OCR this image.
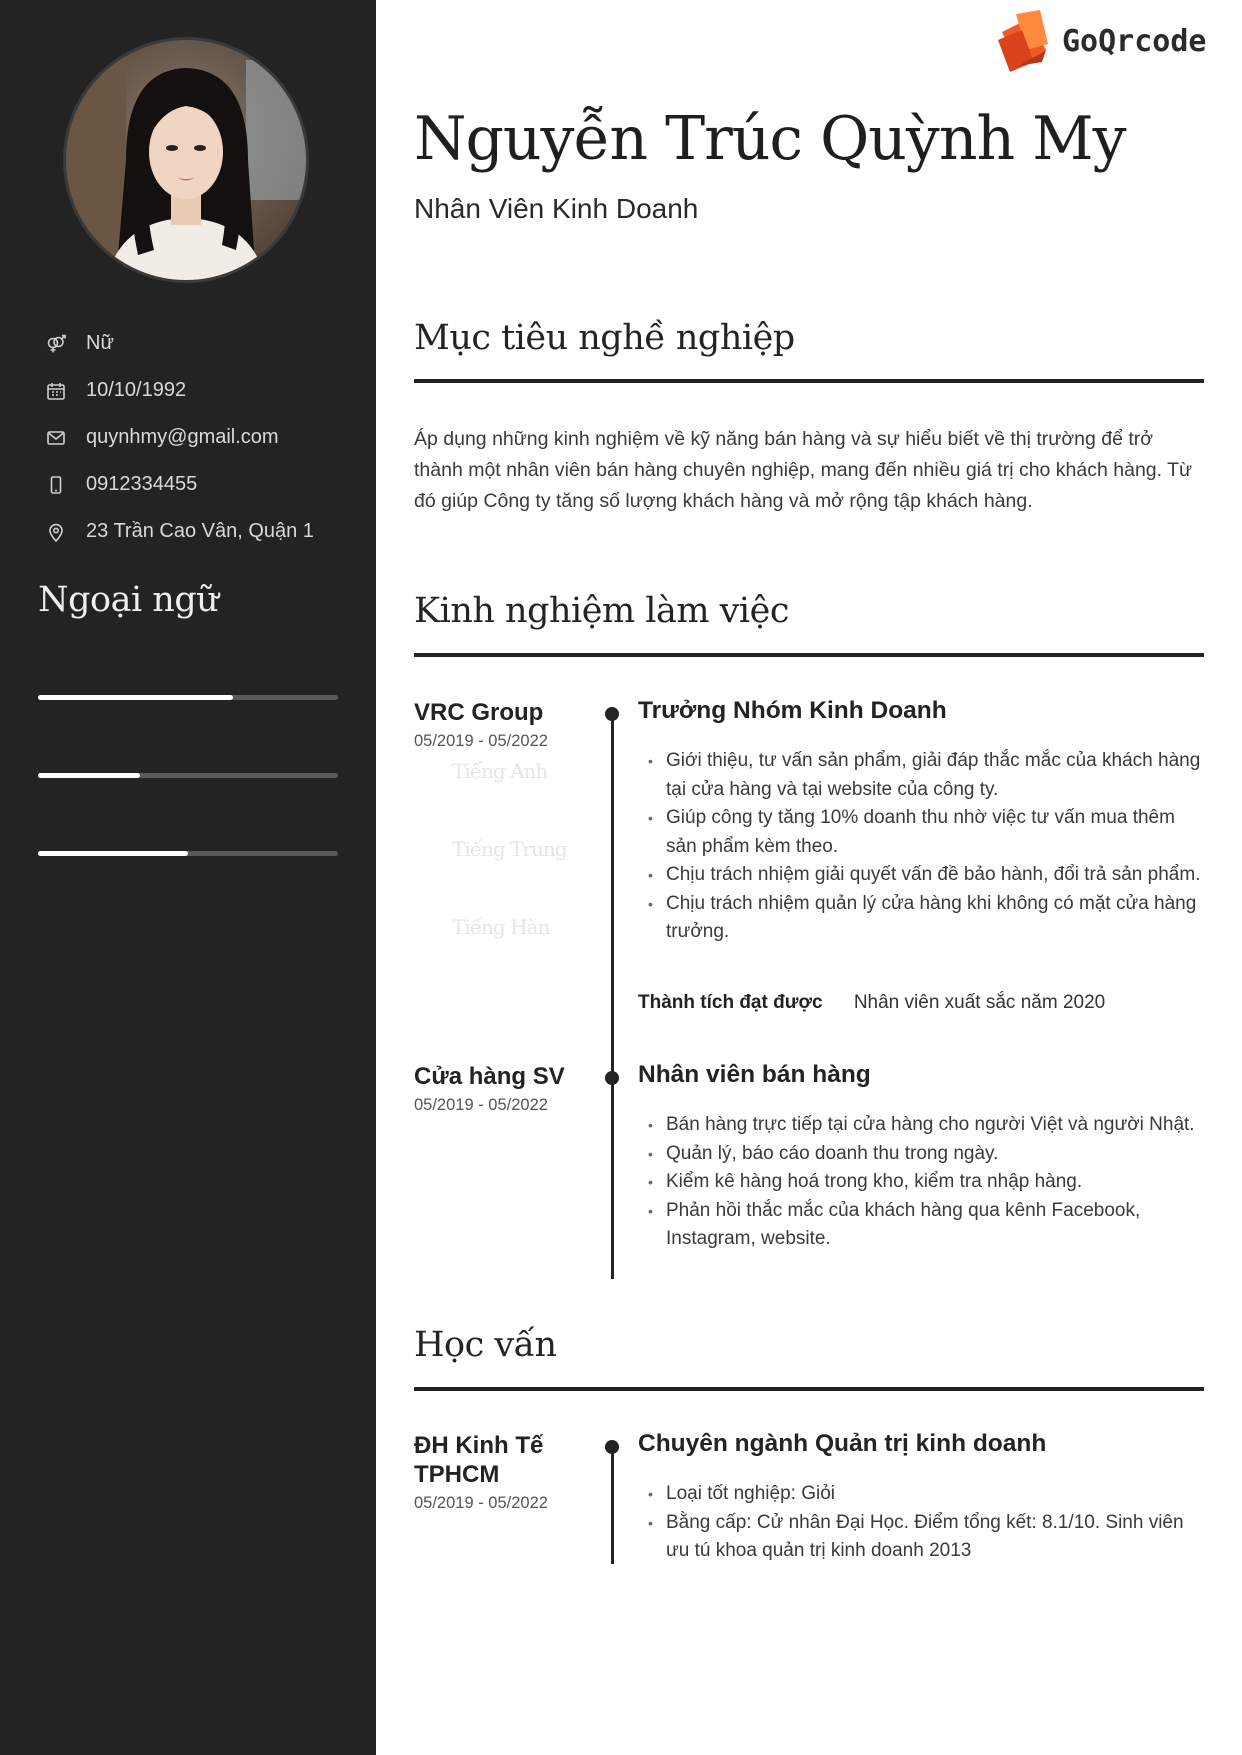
Nữ
10/10/1992
quynhmy@gmail.com
0912334455
23 Trần Cao Vân, Quận 1
Ngoại ngữ
Tiếng Anh
Tiếng Trung
Tiếng Hàn
GoQrcode
Nguyễn Trúc Quỳnh My
Nhân Viên Kinh Doanh
Mục tiêu nghề nghiệp
Áp dụng những kinh nghiệm về kỹ năng bán hàng và sự hiểu biết về thị trường để trở thành một nhân viên bán hàng chuyên nghiệp, mang đến nhiều giá trị cho khách hàng. Từ đó giúp Công ty tăng số lượng khách hàng và mở rộng tập khách hàng.
Kinh nghiệm làm việc
VRC Group
05/2019 - 05/2022
Trưởng Nhóm Kinh Doanh
• Giới thiệu, tư vấn sản phẩm, giải đáp thắc mắc của khách hàng tại cửa hàng và tại website của công ty.
• Giúp công ty tăng 10% doanh thu nhờ việc tư vấn mua thêm sản phẩm kèm theo.
• Chịu trách nhiệm giải quyết vấn đề bảo hành, đổi trả sản phẩm.
• Chịu trách nhiệm quản lý cửa hàng khi không có mặt cửa hàng trưởng.
Thành tích đạt được Nhân viên xuất sắc năm 2020
Cửa hàng SV
05/2019 - 05/2022
Nhân viên bán hàng
• Bán hàng trực tiếp tại cửa hàng cho người Việt và người Nhật.
• Quản lý, báo cáo doanh thu trong ngày.
• Kiểm kê hàng hoá trong kho, kiểm tra nhập hàng.
• Phản hồi thắc mắc của khách hàng qua kênh Facebook, Instagram, website.
Học vấn
ĐH Kinh Tế TPHCM
05/2019 - 05/2022
Chuyên ngành Quản trị kinh doanh
• Loại tốt nghiệp: Giỏi
• Bằng cấp: Cử nhân Đại Học. Điểm tổng kết: 8.1/10. Sinh viên ưu tú khoa quản trị kinh doanh 2013
